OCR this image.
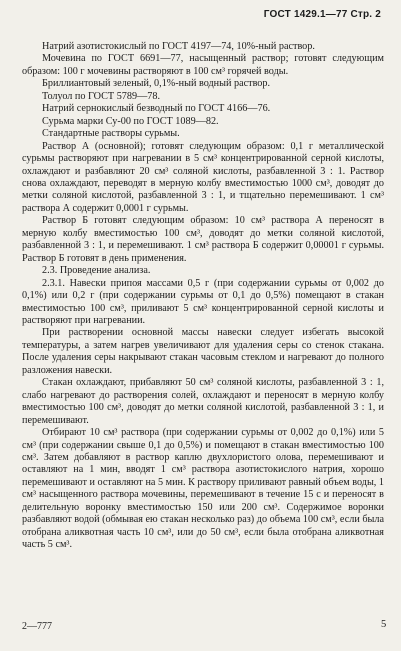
ГОСТ 1429.1—77 Стр. 2

Натрий азотистокислый по ГОСТ 4197—74, 10%-ный раствор.

Мочевина по ГОСТ 6691—77, насыщенный раствор; готовят следующим образом: 100 г мочевины растворяют в 100 см³ горячей воды.

Бриллиантовый зеленый, 0,1%-ный водный раствор.

Толуол по ГОСТ 5789—78.

Натрий сернокислый безводный по ГОСТ 4166—76.

Сурьма марки Су-00 по ГОСТ 1089—82.

Стандартные растворы сурьмы.

Раствор А (основной); готовят следующим образом: 0,1 г металлической сурьмы растворяют при нагревании в 5 см³ концентрированной серной кислоты, охлаждают и разбавляют 20 см³ соляной кислоты, разбавленной 3 : 1. Раствор снова охлаждают, переводят в мерную колбу вместимостью 1000 см³, доводят до метки соляной кислотой, разбавленной 3 : 1, и тщательно перемешивают. 1 см³ раствора А содержит 0,0001 г сурьмы.

Раствор Б готовят следующим образом: 10 см³ раствора А переносят в мерную колбу вместимостью 100 см³, доводят до метки соляной кислотой, разбавленной 3 : 1, и перемешивают. 1 см³ раствора Б содержит 0,00001 г сурьмы. Раствор Б готовят в день применения.

2.3. Проведение анализа.

2.3.1. Навески припоя массами 0,5 г (при содержании сурьмы от 0,002 до 0,1%) или 0,2 г (при содержании сурьмы от 0,1 до 0,5%) помещают в стакан вместимостью 100 см³, приливают 5 см³ концентрированной серной кислоты и растворяют при нагревании.

При растворении основной массы навески следует избегать высокой температуры, а затем нагрев увеличивают для удаления серы со стенок стакана. После удаления серы накрывают стакан часовым стеклом и нагревают до полного разложения навески.

Стакан охлаждают, прибавляют 50 см³ соляной кислоты, разбавленной 3 : 1, слабо нагревают до растворения солей, охлаждают и переносят в мерную колбу вместимостью 100 см³, доводят до метки соляной кислотой, разбавленной 3 : 1, и перемешивают.

Отбирают 10 см³ раствора (при содержании сурьмы от 0,002 до 0,1%) или 5 см³ (при содержании свыше 0,1 до 0,5%) и помещают в стакан вместимостью 100 см³. Затем добавляют в раствор каплю двухлористого олова, перемешивают и оставляют на 1 мин, вводят 1 см³ раствора азотистокислого натрия, хорошо перемешивают и оставляют на 5 мин. К раствору приливают равный объем воды, 1 см³ насыщенного раствора мочевины, перемешивают в течение 15 с и переносят в делительную воронку вместимостью 150 или 200 см³. Содержимое воронки разбавляют водой (обмывая ею стакан несколько раз) до объема 100 см³, если была отобрана аликвотная часть 10 см³, или до 50 см³, если была отобрана аликвотная часть 5 см³.

2—777	5
